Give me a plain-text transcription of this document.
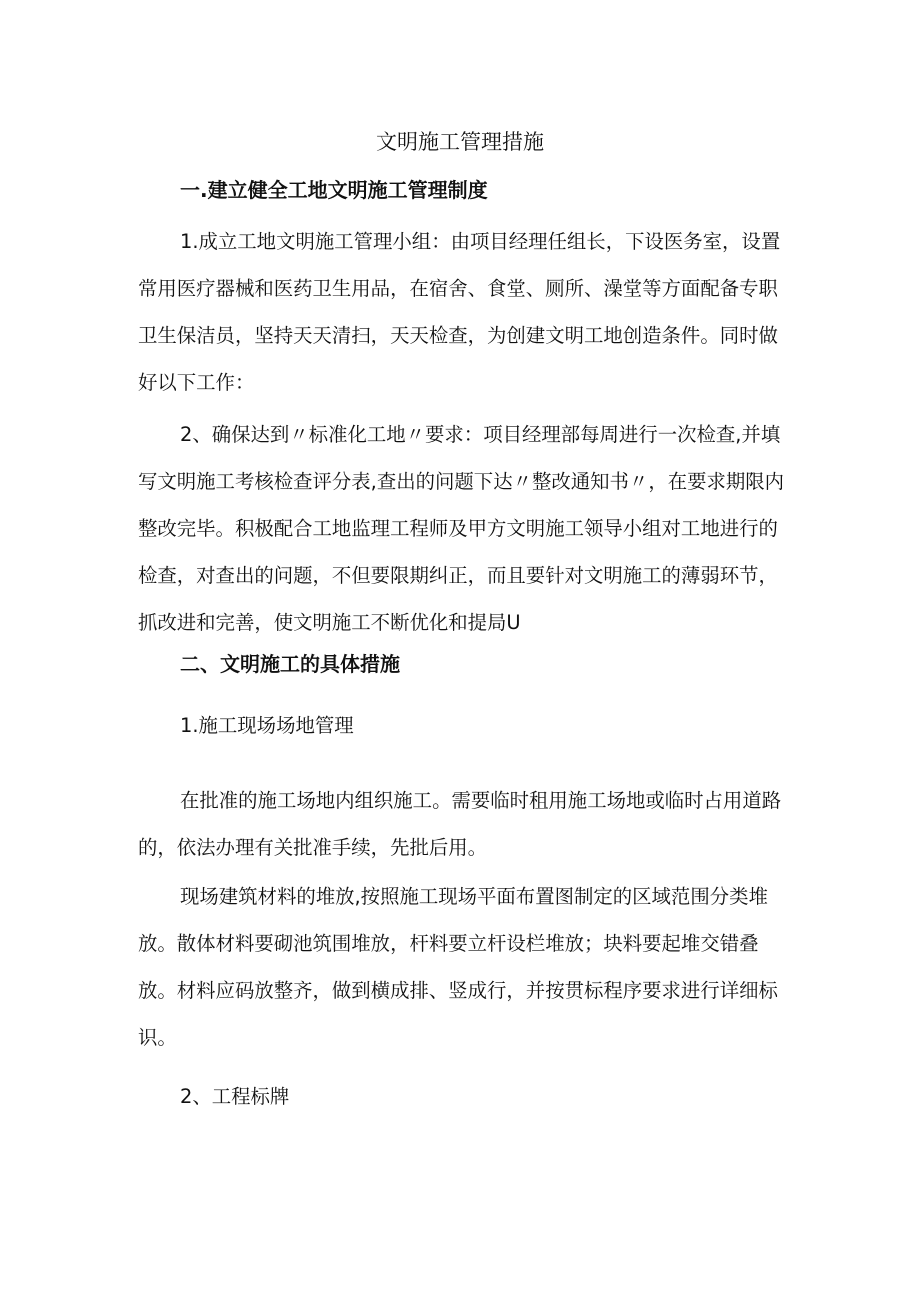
文明施工管理措施
一.建立健全工地文明施工管理制度

1.成立工地文明施工管理小组：由项目经理任组长，下设医务室，设置常用医疗器械和医药卫生用品，在宿舍、食堂、厕所、澡堂等方面配备专职卫生保洁员，坚持天天清扫，天天检查，为创建文明工地创造条件。同时做好以下工作：

2、确保达到〃标准化工地〃要求：项目经理部每周进行一次检查,并填写文明施工考核检查评分表,查出的问题下达〃整改通知书〃，在要求期限内整改完毕。积极配合工地监理工程师及甲方文明施工领导小组对工地进行的检查，对查出的问题，不但要限期纠正，而且要针对文明施工的薄弱环节，抓改进和完善，使文明施工不断优化和提局U

二、文明施工的具体措施
1.施工现场场地管理

在批准的施工场地内组织施工。需要临时租用施工场地或临时占用道路的，依法办理有关批准手续，先批后用。

现场建筑材料的堆放,按照施工现场平面布置图制定的区域范围分类堆放。散体材料要砌池筑围堆放，杆料要立杆设栏堆放；块料要起堆交错叠放。材料应码放整齐，做到横成排、竖成行，并按贯标程序要求进行详细标识。

2、工程标牌
